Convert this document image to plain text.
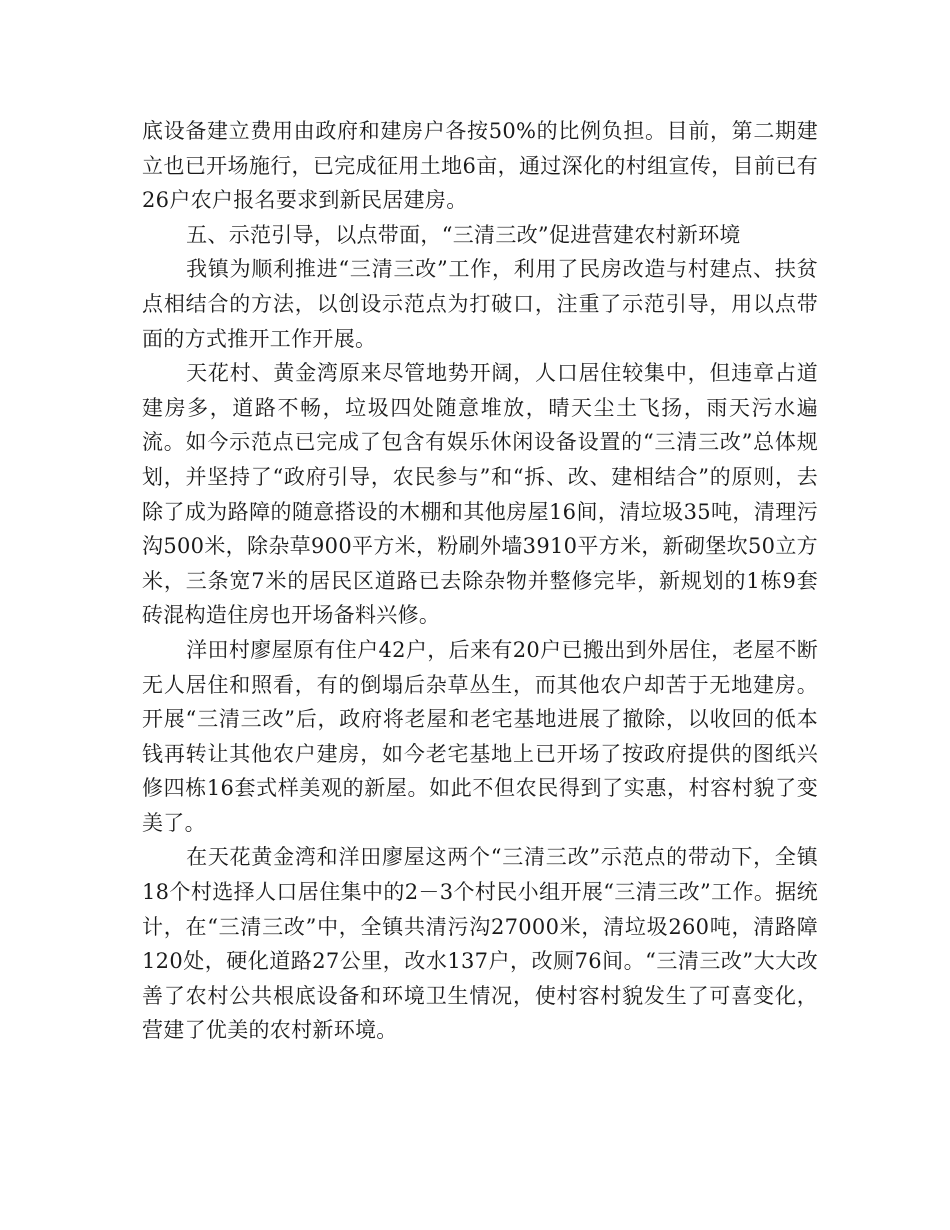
底设备建立费用由政府和建房户各按50%的比例负担。目前，第二期建立也已开场施行，已完成征用土地6亩，通过深化的村组宣传，目前已有26户农户报名要求到新民居建房。

五、示范引导，以点带面，“三清三改”促进营建农村新环境

我镇为顺利推进“三清三改”工作，利用了民房改造与村建点、扶贫点相结合的方法，以创设示范点为打破口，注重了示范引导，用以点带面的方式推开工作开展。

天花村、黄金湾原来尽管地势开阔，人口居住较集中，但违章占道建房多，道路不畅，垃圾四处随意堆放，晴天尘土飞扬，雨天污水遍流。如今示范点已完成了包含有娱乐休闲设备设置的“三清三改”总体规划，并坚持了“政府引导，农民参与”和“拆、改、建相结合”的原则，去除了成为路障的随意搭设的木棚和其他房屋16间，清垃圾35吨，清理污沟500米，除杂草900平方米，粉刷外墙3910平方米，新砌堡坎50立方米，三条宽7米的居民区道路已去除杂物并整修完毕，新规划的1栋9套砖混构造住房也开场备料兴修。

洋田村廖屋原有住户42户，后来有20户已搬出到外居住，老屋不断无人居住和照看，有的倒塌后杂草丛生，而其他农户却苦于无地建房。开展“三清三改”后，政府将老屋和老宅基地进展了撤除，以收回的低本钱再转让其他农户建房，如今老宅基地上已开场了按政府提供的图纸兴修四栋16套式样美观的新屋。如此不但农民得到了实惠，村容村貌了变美了。

在天花黄金湾和洋田廖屋这两个“三清三改”示范点的带动下，全镇18个村选择人口居住集中的2－3个村民小组开展“三清三改”工作。据统计，在“三清三改”中，全镇共清污沟27000米，清垃圾260吨，清路障120处，硬化道路27公里，改水137户，改厕76间。“三清三改”大大改善了农村公共根底设备和环境卫生情况，使村容村貌发生了可喜变化，营建了优美的农村新环境。
